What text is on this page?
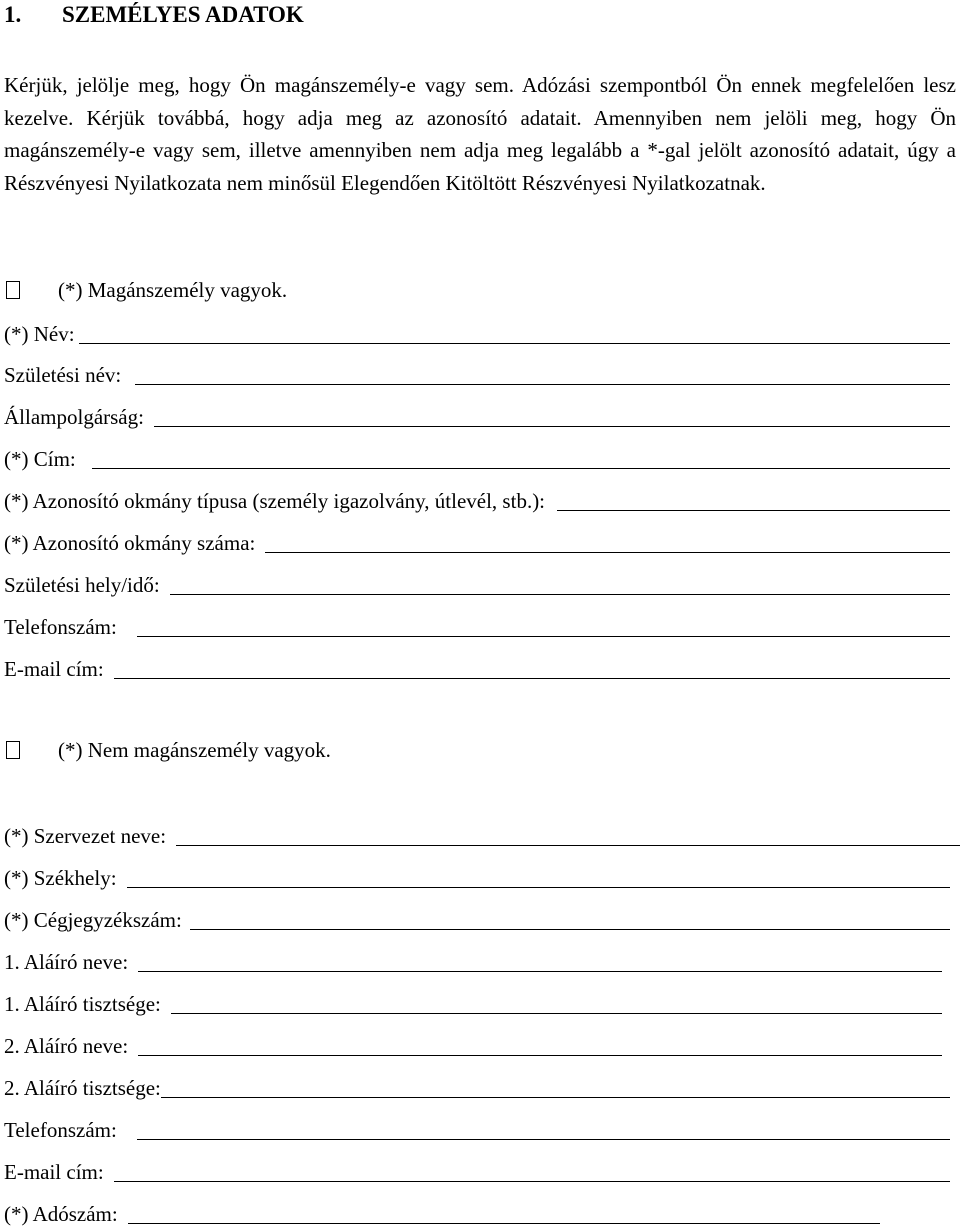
1. SZEMÉLYES ADATOK

Kérjük, jelölje meg, hogy Ön magánszemély-e vagy sem. Adózási szempontból Ön ennek megfelelően lesz kezelve. Kérjük továbbá, hogy adja meg az azonosító adatait. Amennyiben nem jelöli meg, hogy Ön magánszemély-e vagy sem, illetve amennyiben nem adja meg legalább a *-gal jelölt azonosító adatait, úgy a Részvényesi Nyilatkozata nem minősül Elegendően Kitöltött Részvényesi Nyilatkozatnak.

(*) Magánszemély vagyok.
(*) Név:
Születési név:
Állampolgárság:
(*) Cím:
(*) Azonosító okmány típusa (személy igazolvány, útlevél, stb.):
(*) Azonosító okmány száma:
Születési hely/idő:
Telefonszám:
E-mail cím:
(*) Nem magánszemély vagyok.
(*) Szervezet neve:
(*) Székhely:
(*) Cégjegyzékszám:
1. Aláíró neve:
1. Aláíró tisztsége:
2. Aláíró neve:
2. Aláíró tisztsége:
Telefonszám:
E-mail cím:
(*) Adószám:
